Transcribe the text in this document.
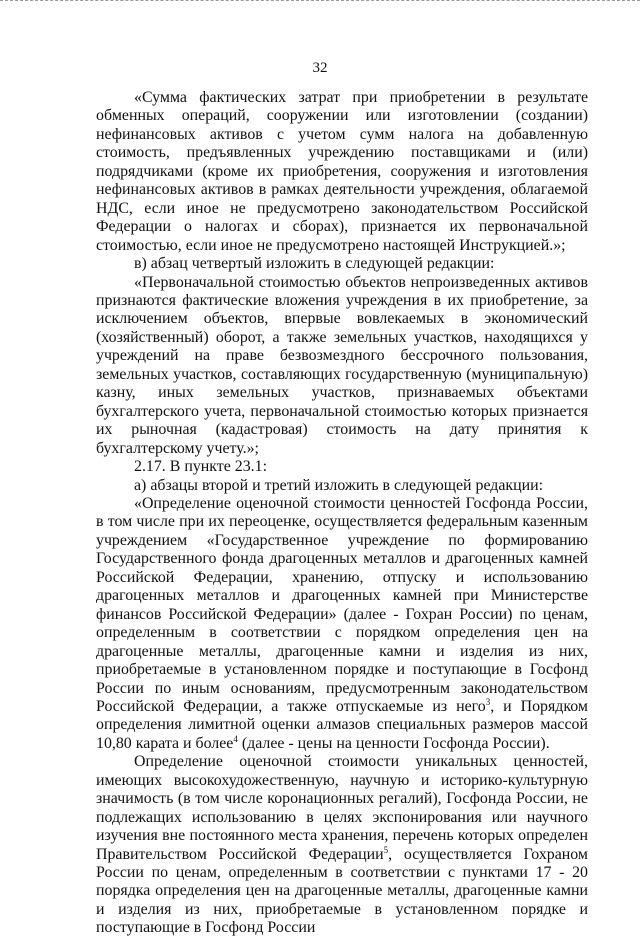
32

«Сумма фактических затрат при приобретении в результате обменных операций, сооружении или изготовлении (создании) нефинансовых активов с учетом сумм налога на добавленную стоимость, предъявленных учреждению поставщиками и (или) подрядчиками (кроме их приобретения, сооружения и изготовления нефинансовых активов в рамках деятельности учреждения, облагаемой НДС, если иное не предусмотрено законодательством Российской Федерации о налогах и сборах), признается их первоначальной стоимостью, если иное не предусмотрено настоящей Инструкцией.»;

в) абзац четвертый изложить в следующей редакции:

«Первоначальной стоимостью объектов непроизведенных активов признаются фактические вложения учреждения в их приобретение, за исключением объектов, впервые вовлекаемых в экономический (хозяйственный) оборот, а также земельных участков, находящихся у учреждений на праве безвозмездного бессрочного пользования, земельных участков, составляющих государственную (муниципальную) казну, иных земельных участков, признаваемых объектами бухгалтерского учета, первоначальной стоимостью которых признается их рыночная (кадастровая) стоимость на дату принятия к бухгалтерскому учету.»;

2.17. В пункте 23.1:

а) абзацы второй и третий изложить в следующей редакции:

«Определение оценочной стоимости ценностей Госфонда России, в том числе при их переоценке, осуществляется федеральным казенным учреждением «Государственное учреждение по формированию Государственного фонда драгоценных металлов и драгоценных камней Российской Федерации, хранению, отпуску и использованию драгоценных металлов и драгоценных камней при Министерстве финансов Российской Федерации» (далее - Гохран России) по ценам, определенным в соответствии с порядком определения цен на драгоценные металлы, драгоценные камни и изделия из них, приобретаемые в установленном порядке и поступающие в Госфонд России по иным основаниям, предусмотренным законодательством Российской Федерации, а также отпускаемые из него$^3$, и Порядком определения лимитной оценки алмазов специальных размеров массой 10,80 карата и более$^4$ (далее - цены на ценности Госфонда России).

Определение оценочной стоимости уникальных ценностей, имеющих высокохудожественную, научную и историко-культурную значимость (в том числе коронационных регалий), Госфонда России, не подлежащих использованию в целях экспонирования или научного изучения вне постоянного места хранения, перечень которых определен Правительством Российской Федерации$^5$, осуществляется Гохраном России по ценам, определенным в соответствии с пунктами 17 - 20 порядка определения цен на драгоценные металлы, драгоценные камни и изделия из них, приобретаемые в установленном порядке и поступающие в Госфонд России
